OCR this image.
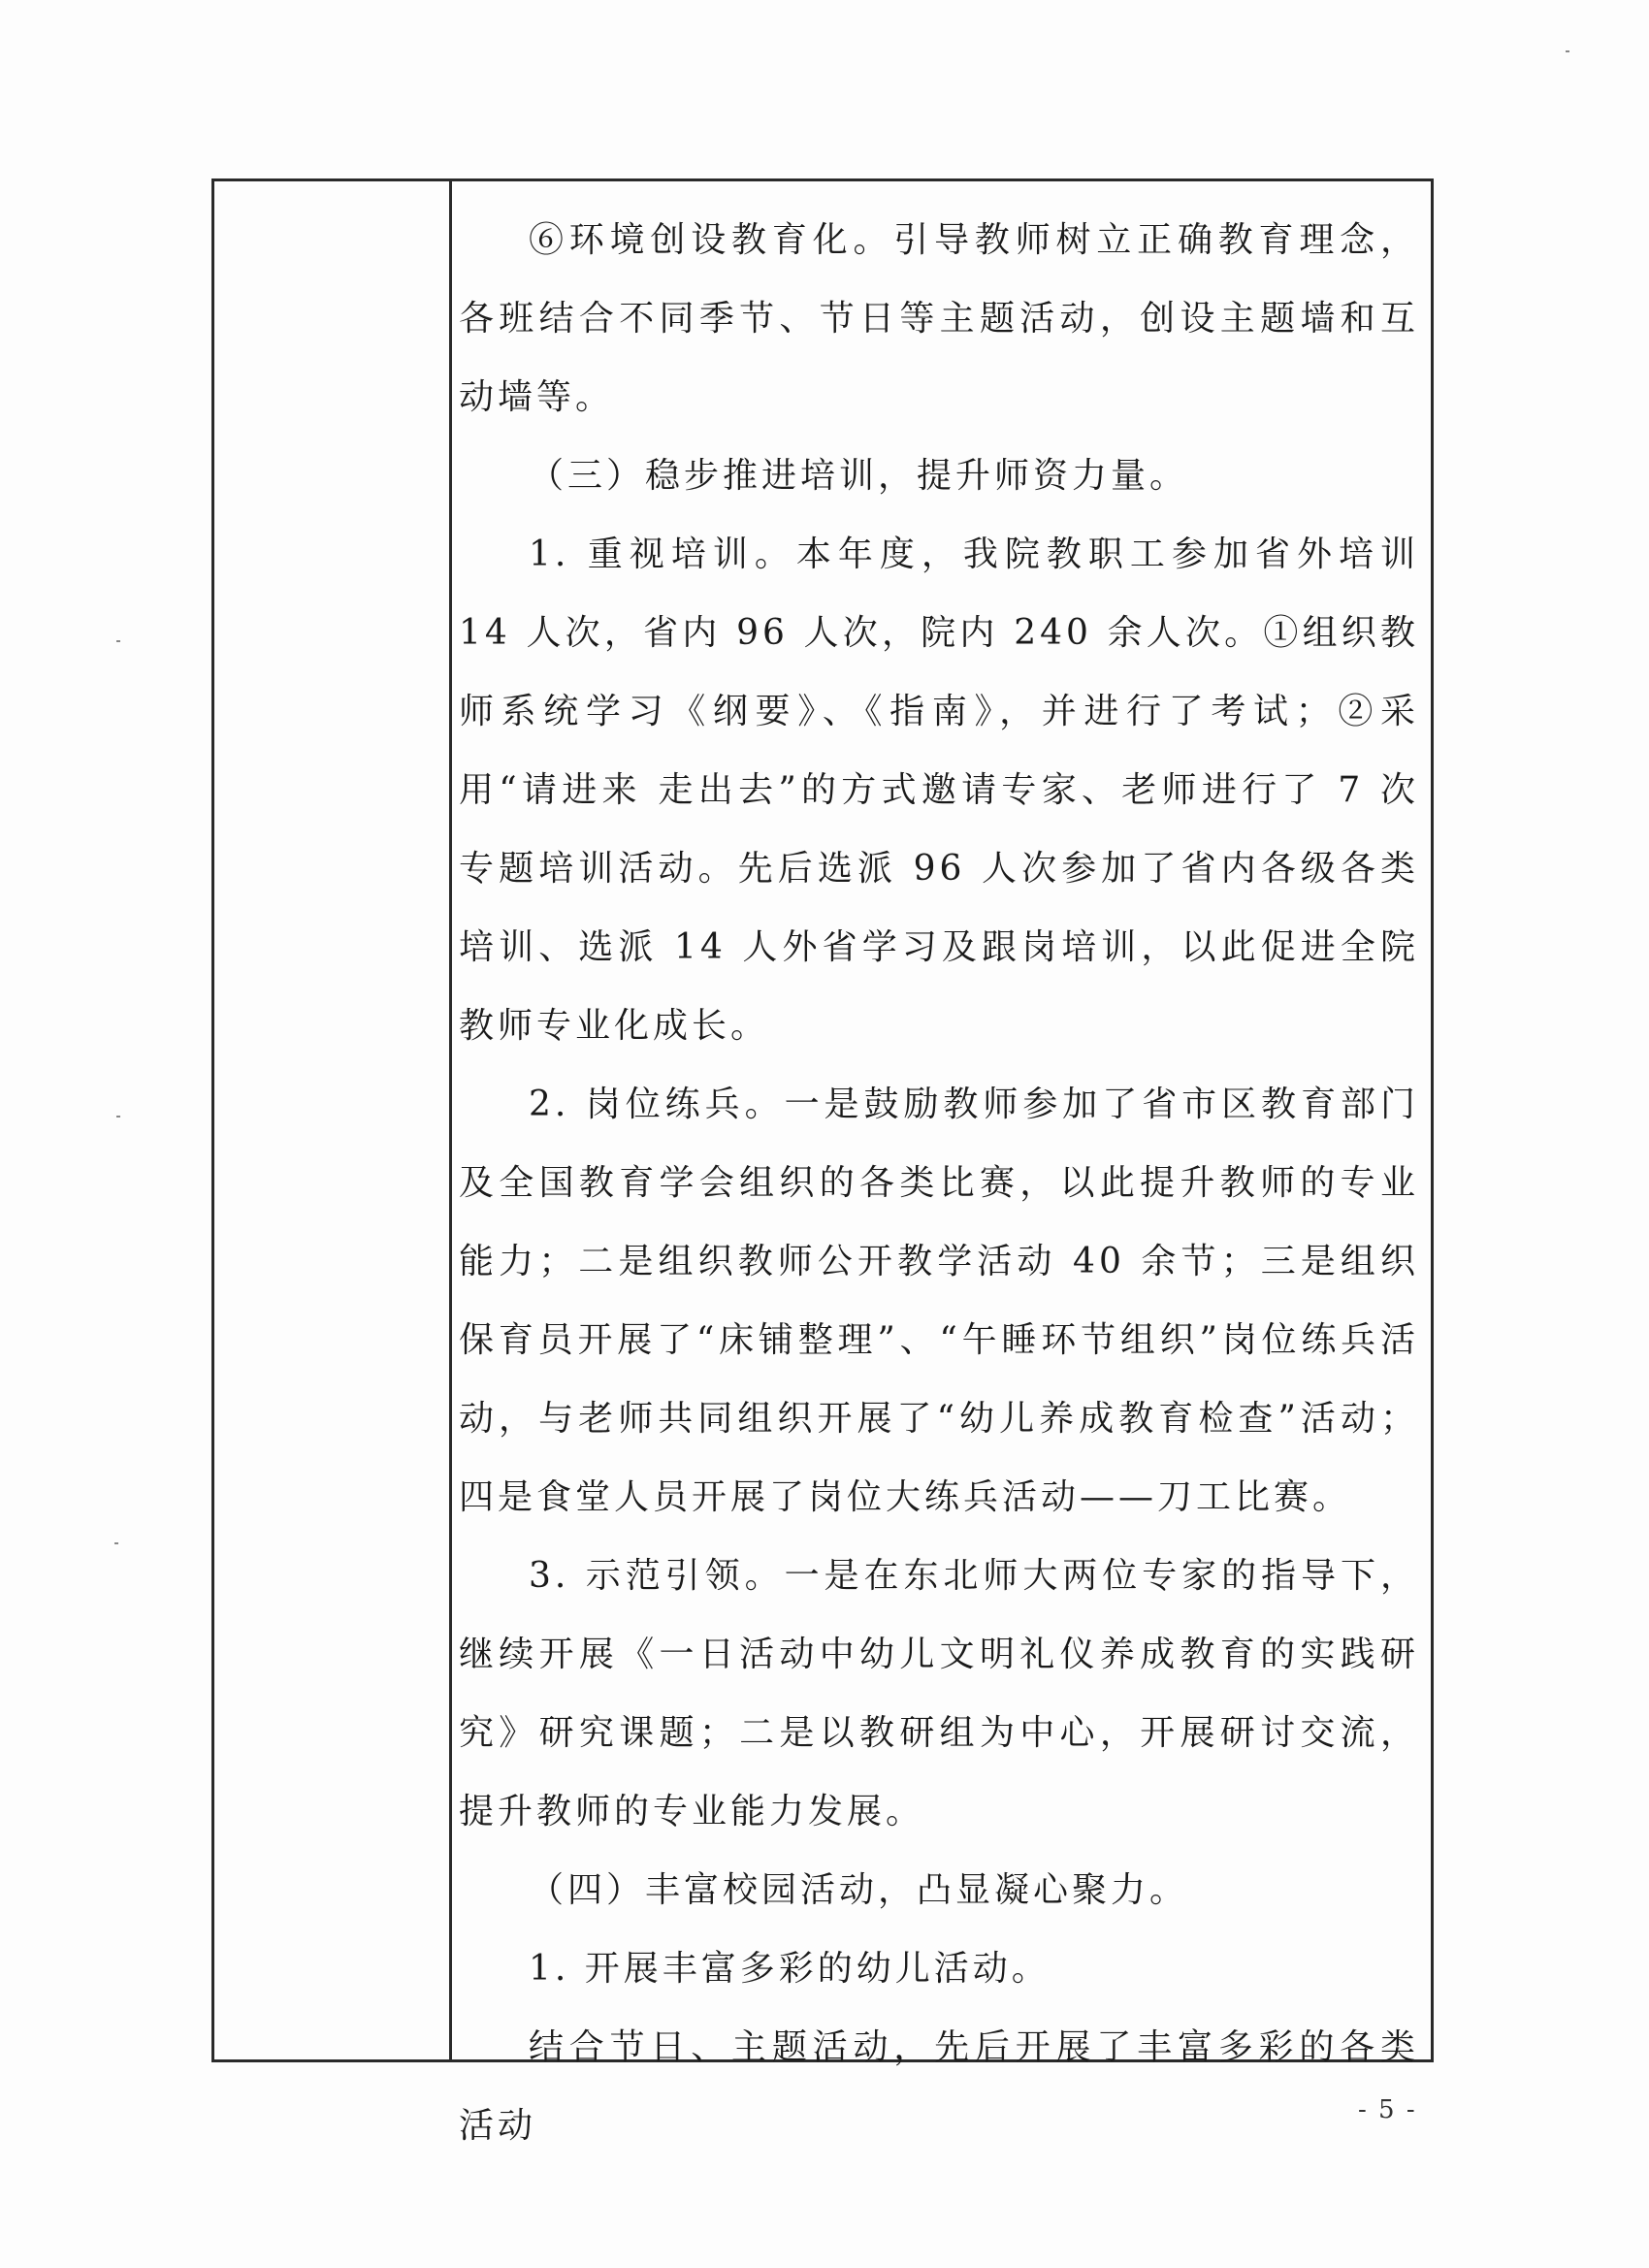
⑥环境创设教育化。引导教师树立正确教育理念，各班结合不同季节、节日等主题活动，创设主题墙和互动墙等。

（三）稳步推进培训，提升师资力量。

1. 重视培训。本年度，我院教职工参加省外培训 14 人次，省内 96 人次，院内 240 余人次。①组织教师系统学习《纲要》、《指南》，并进行了考试；②采用“请进来 走出去”的方式邀请专家、老师进行了 7 次专题培训活动。先后选派 96 人次参加了省内各级各类培训、选派 14 人外省学习及跟岗培训，以此促进全院教师专业化成长。

2. 岗位练兵。一是鼓励教师参加了省市区教育部门及全国教育学会组织的各类比赛，以此提升教师的专业能力；二是组织教师公开教学活动 40 余节；三是组织保育员开展了“床铺整理”、“午睡环节组织”岗位练兵活动，与老师共同组织开展了“幼儿养成教育检查”活动；四是食堂人员开展了岗位大练兵活动——刀工比赛。

3. 示范引领。一是在东北师大两位专家的指导下，继续开展《一日活动中幼儿文明礼仪养成教育的实践研究》研究课题；二是以教研组为中心，开展研讨交流，提升教师的专业能力发展。

（四）丰富校园活动，凸显凝心聚力。

1. 开展丰富多彩的幼儿活动。

结合节日、主题活动，先后开展了丰富多彩的各类活动	- 5 -
